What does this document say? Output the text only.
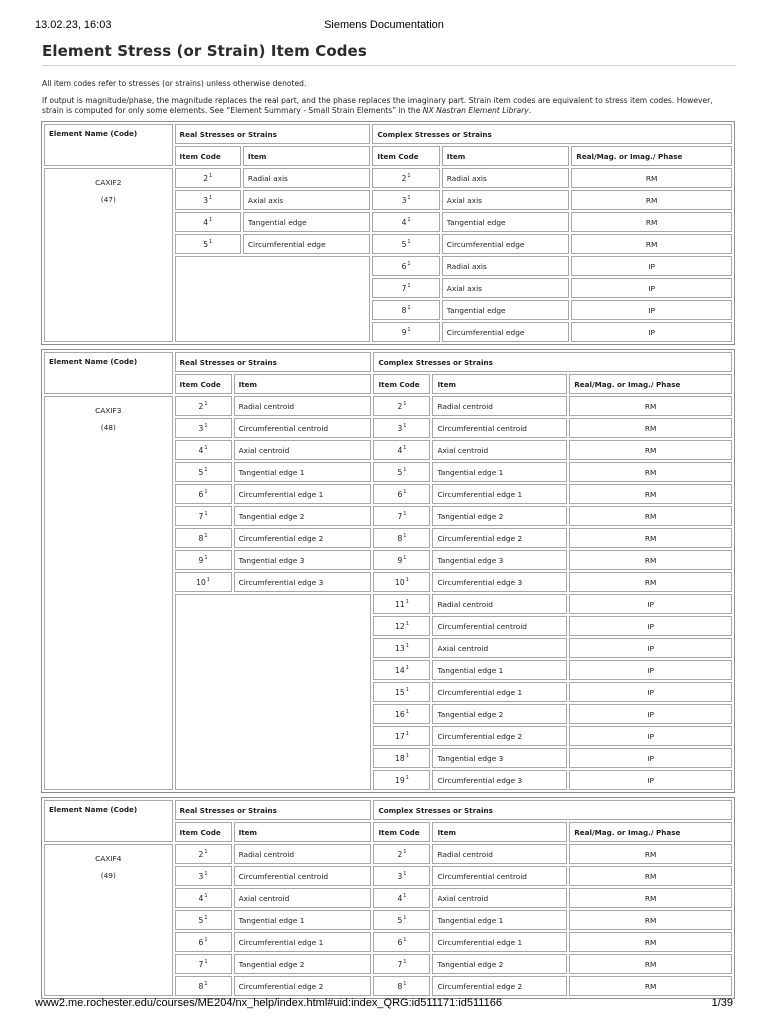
13.02.23, 16:03	Siemens Documentation
Element Stress (or Strain) Item Codes

All item codes refer to stresses (or strains) unless otherwise denoted.

If output is magnitude/phase, the magnitude replaces the real part, and the phase replaces the imaginary part. Strain item codes are equivalent to stress item codes. However, strain is computed for only some elements. See “Element Summary - Small Strain Elements” in the NX Nastran Element Library.

Element Name (Code)	Real Stresses or Strains		Complex Stresses or Strains		
	Item Code	Item	Item Code	Item	Real/Mag. or Imag./ Phase

CAXIF2
(47)	$2^1$	Radial axis	$2^1$	Radial axis	RM
	$3^1$	Axial axis	$3^1$	Axial axis	RM
	$4^1$	Tangential edge	$4^1$	Tangential edge	RM
	$5^1$	Circumferential edge	$5^1$	Circumferential edge	RM
			$6^1$	Radial axis	IP
			$7^1$	Axial axis	IP
			$8^1$	Tangential edge	IP
			$9^1$	Circumferential edge	IP
Element Name (Code)	Real Stresses or Strains		Complex Stresses or Strains		
	Item Code	Item	Item Code	Item	Real/Mag. or Imag./ Phase

CAXIF3
(48)	$2^1$	Radial centroid	$2^1$	Radial centroid	RM
	$3^1$	Circumferential centroid	$3^1$	Circumferential centroid	RM
	$4^1$	Axial centroid	$4^1$	Axial centroid	RM
	$5^1$	Tangential edge 1	$5^1$	Tangential edge 1	RM
	$6^1$	Circumferential edge 1	$6^1$	Circumferential edge 1	RM
	$7^1$	Tangential edge 2	$7^1$	Tangential edge 2	RM
	$8^1$	Circumferential edge 2	$8^1$	Circumferential edge 2	RM
	$9^1$	Tangential edge 3	$9^1$	Tangential edge 3	RM
	$10^1$	Circumferential edge 3	$10^1$	Circumferential edge 3	RM
			$11^1$	Radial centroid	IP
			$12^1$	Circumferential centroid	IP
			$13^1$	Axial centroid	IP
			$14^1$	Tangential edge 1	IP
			$15^1$	Circumferential edge 1	IP
			$16^1$	Tangential edge 2	IP
			$17^1$	Circumferential edge 2	IP
			$18^1$	Tangential edge 3	IP
			$19^1$	Circumferential edge 3	IP
Element Name (Code)	Real Stresses or Strains		Complex Stresses or Strains		
	Item Code	Item	Item Code	Item	Real/Mag. or Imag./ Phase

CAXIF4
(49)	$2^1$	Radial centroid	$2^1$	Radial centroid	RM
	$3^1$	Circumferential centroid	$3^1$	Circumferential centroid	RM
	$4^1$	Axial centroid	$4^1$	Axial centroid	RM
	$5^1$	Tangential edge 1	$5^1$	Tangential edge 1	RM
	$6^1$	Circumferential edge 1	$6^1$	Circumferential edge 1	RM
	$7^1$	Tangential edge 2	$7^1$	Tangential edge 2	RM
	$8^1$	Circumferential edge 2	$8^1$	Circumferential edge 2	RM
www2.me.rochester.edu/courses/ME204/nx_help/index.html#uid:index_QRG:id511171:id511166	1/39
